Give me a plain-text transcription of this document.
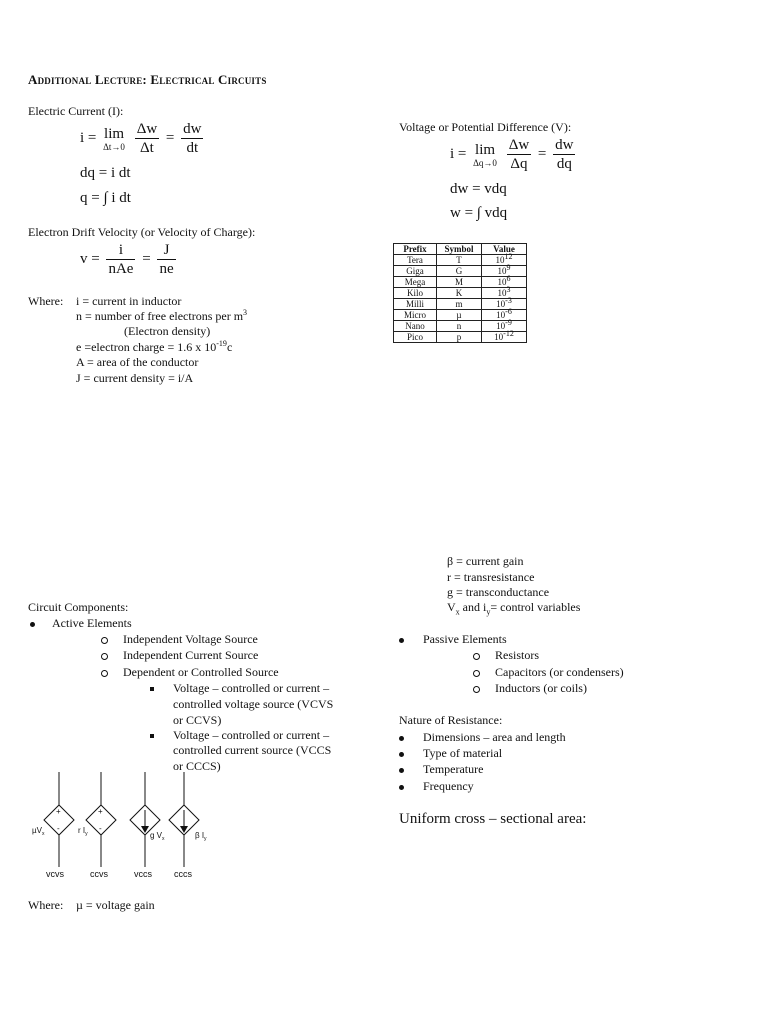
Additional Lecture: Electrical Circuits
Electric Current (I):
i = lim
Δt→0
$\frac{\Delta w}{\Delta t} = \frac{dw}{dt}$
dq = i dt
q = ∫ i dt
Voltage or Potential Difference (V):
i = lim
Δq→0
$\frac{\Delta w}{\Delta q} = \frac{dw}{dq}$
dw = vdq
w = ∫ vdq
Electron Drift Velocity (or Velocity of Charge):
$v = \frac{i}{\text{nAe}} = \frac{J}{ne}$
Where: i = current in inductor
n = number of free electrons per $m^3$
(Electron density)
e =electron charge = 1.6 x $10^{-19}c$
A = area of the conductor
J = current density = i/A
Prefix	Symbol	Value
Tera	T	$10^{12}$
Giga	G	$10^9$
Mega	M	$10^6$
Kilo	K	$10^3$
Milli	m	$10^{-3}$
Micro	µ	$10^{-6}$
Nano	n	$10^{-9}$
Pico	p	$10^{-12}$
β = current gain
r = transresistance
g = transconductance
$V_x$ and $i_y=$ control variables
Circuit Components:
Active Elements
Independent Voltage Source
Independent Current Source
Dependent or Controlled Source
Voltage – controlled or current –
controlled voltage source (VCVS
or CCVS)
Voltage – controlled or current –
controlled current source (VCCS
or CCCS)
Passive Elements
Resistors
Capacitors (or condensers)
Inductors (or coils)
Nature of Resistance:
Dimensions – area and length
Type of material
Temperature
Frequency
Uniform cross – sectional area:
+
-
+
-
µV$_x$	r $I_y$	g $V_x$	β $I_y$
vcvs	ccvs	vccs cccs
Where: µ = voltage gain
